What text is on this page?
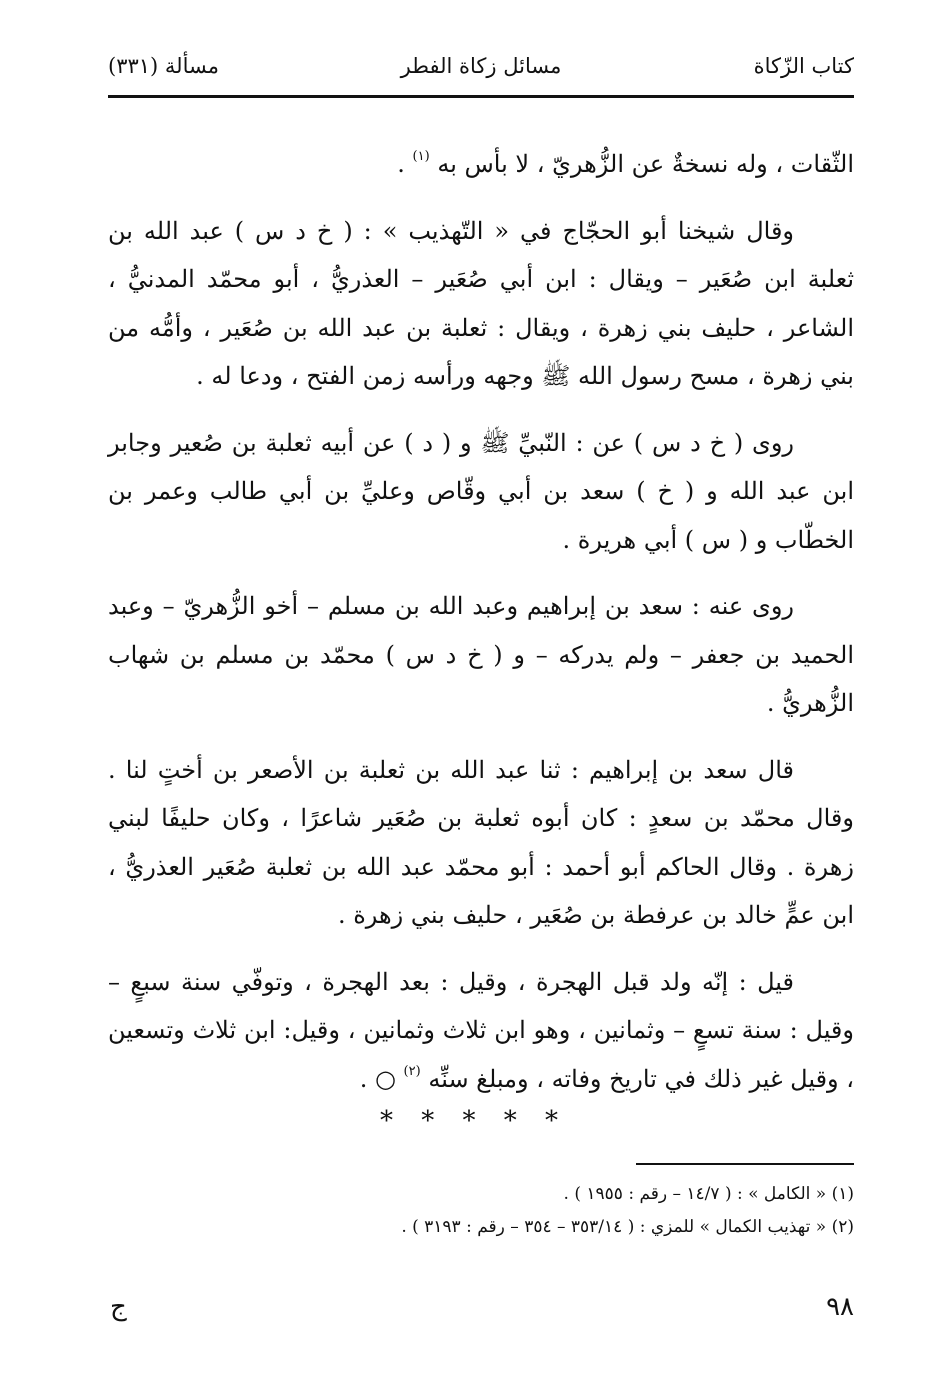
كتاب الزّكاة
مسائل زكاة الفطر
مسألة (٣٣١)

الثّقات ، وله نسخةٌ عن الزُّهريّ ، لا بأس به $^{(١)}$ .

وقال شيخنا أبو الحجّاج في « التّهذيب » : ( خ د س ) عبد الله بن ثعلبة ابن صُعَير – ويقال : ابن أبي صُعَير – العذريُّ ، أبو محمّد المدنيُّ ، الشاعر ، حليف بني زهرة ، ويقال : ثعلبة بن عبد الله بن صُعَير ، وأمُّه من بني زهرة ، مسح رسول الله ﷺ وجهه ورأسه زمن الفتح ، ودعا له .

روى ( خ د س ) عن : النّبيِّ ﷺ و ( د ) عن أبيه ثعلبة بن صُعير وجابر ابن عبد الله و ( خ ) سعد بن أبي وقّاص وعليِّ بن أبي طالب وعمر بن الخطّاب و ( س ) أبي هريرة .

روى عنه : سعد بن إبراهيم وعبد الله بن مسلم – أخو الزُّهريّ – وعبد الحميد بن جعفر – ولم يدركه – و ( خ د س ) محمّد بن مسلم بن شهاب الزُّهريُّ .

قال سعد بن إبراهيم : ثنا عبد الله بن ثعلبة بن الأصعر بن أختٍ لنا . وقال محمّد بن سعدٍ : كان أبوه ثعلبة بن صُعَير شاعرًا ، وكان حليفًا لبني زهرة . وقال الحاكم أبو أحمد : أبو محمّد عبد الله بن ثعلبة صُعَير العذريُّ ، ابن عمٍّ خالد بن عرفطة بن صُعَير ، حليف بني زهرة .

قيل : إنّه ولد قبل الهجرة ، وقيل : بعد الهجرة ، وتوفّي سنة سبعٍ – وقيل : سنة تسعٍ – وثمانين ، وهو ابن ثلاث وثمانين ، وقيل: ابن ثلاث وتسعين ، وقيل غير ذلك في تاريخ وفاته ، ومبلغ سنِّه $^{(٢)}$ ○ .

* * * * *
(١) « الكامل » : ( ١٤/٧ – رقم : ١٩٥٥ ) .
(٢) « تهذيب الكمال » للمزي : ( ٣٥٣/١٤ – ٣٥٤ – رقم : ٣١٩٣ ) .
٩٨
ج
